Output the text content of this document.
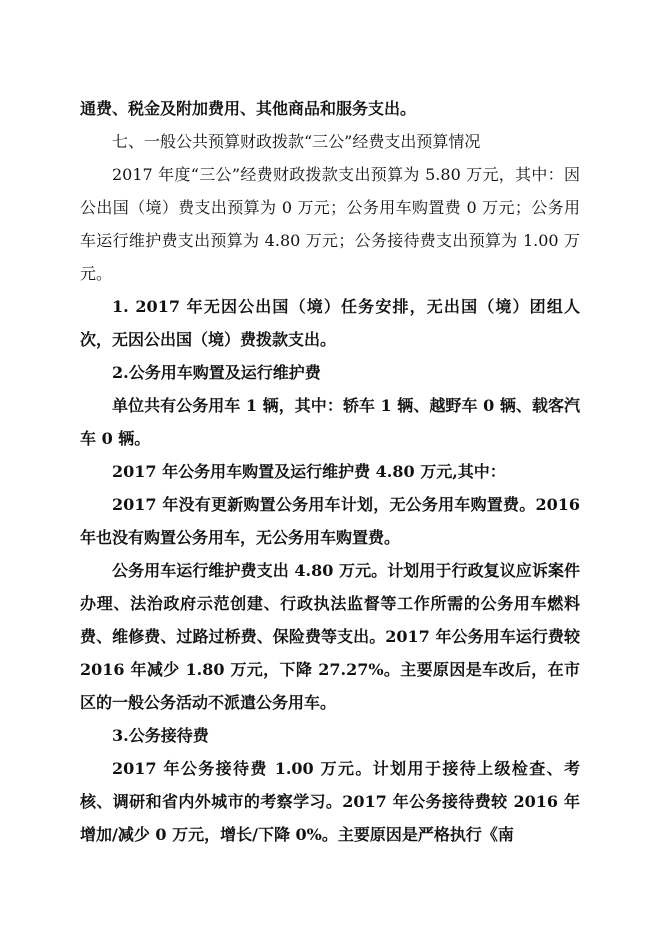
通费、税金及附加费用、其他商品和服务支出。

七、一般公共预算财政拨款“三公”经费支出预算情况

2017 年度“三公”经费财政拨款支出预算为 5.80 万元，其中：因公出国（境）费支出预算为 0 万元；公务用车购置费 0 万元；公务用车运行维护费支出预算为 4.80 万元；公务接待费支出预算为 1.00 万元。

1. 2017 年无因公出国（境）任务安排，无出国（境）团组人次，无因公出国（境）费拨款支出。

2.公务用车购置及运行维护费

单位共有公务用车 1 辆，其中：轿车 1 辆、越野车 0 辆、载客汽车 0 辆。

2017 年公务用车购置及运行维护费 4.80 万元,其中：

2017 年没有更新购置公务用车计划，无公务用车购置费。2016 年也没有购置公务用车，无公务用车购置费。

公务用车运行维护费支出 4.80 万元。计划用于行政复议应诉案件办理、法治政府示范创建、行政执法监督等工作所需的公务用车燃料费、维修费、过路过桥费、保险费等支出。2017 年公务用车运行费较 2016 年减少 1.80 万元，下降 27.27%。主要原因是车改后，在市区的一般公务活动不派遣公务用车。

3.公务接待费

2017 年公务接待费 1.00 万元。计划用于接待上级检查、考核、调研和省内外城市的考察学习。2017 年公务接待费较 2016 年增加/减少 0 万元，增长/下降 0%。主要原因是严格执行《南
